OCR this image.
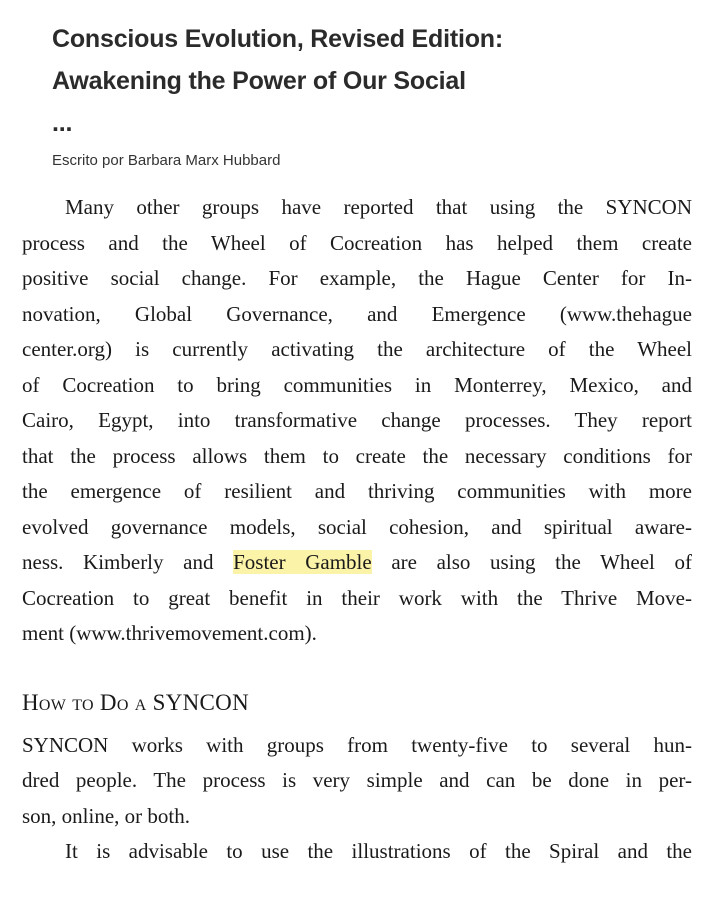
Conscious Evolution, Revised Edition:
Awakening the Power of Our Social
...
Escrito por Barbara Marx Hubbard

Many other groups have reported that using the SYNCON
process and the Wheel of Cocreation has helped them create
positive social change. For example, the Hague Center for In-
novation, Global Governance, and Emergence (www.thehague
center.org) is currently activating the architecture of the Wheel
of Cocreation to bring communities in Monterrey, Mexico, and
Cairo, Egypt, into transformative change processes. They report
that the process allows them to create the necessary conditions for
the emergence of resilient and thriving communities with more
evolved governance models, social cohesion, and spiritual aware-
ness. Kimberly and Foster Gamble are also using the Wheel of
Cocreation to great benefit in their work with the Thrive Move-
ment (www.thrivemovement.com).

How to Do a SYNCON

SYNCON works with groups from twenty-five to several hun-
dred people. The process is very simple and can be done in per-
son, online, or both.

It is advisable to use the illustrations of the Spiral and the
